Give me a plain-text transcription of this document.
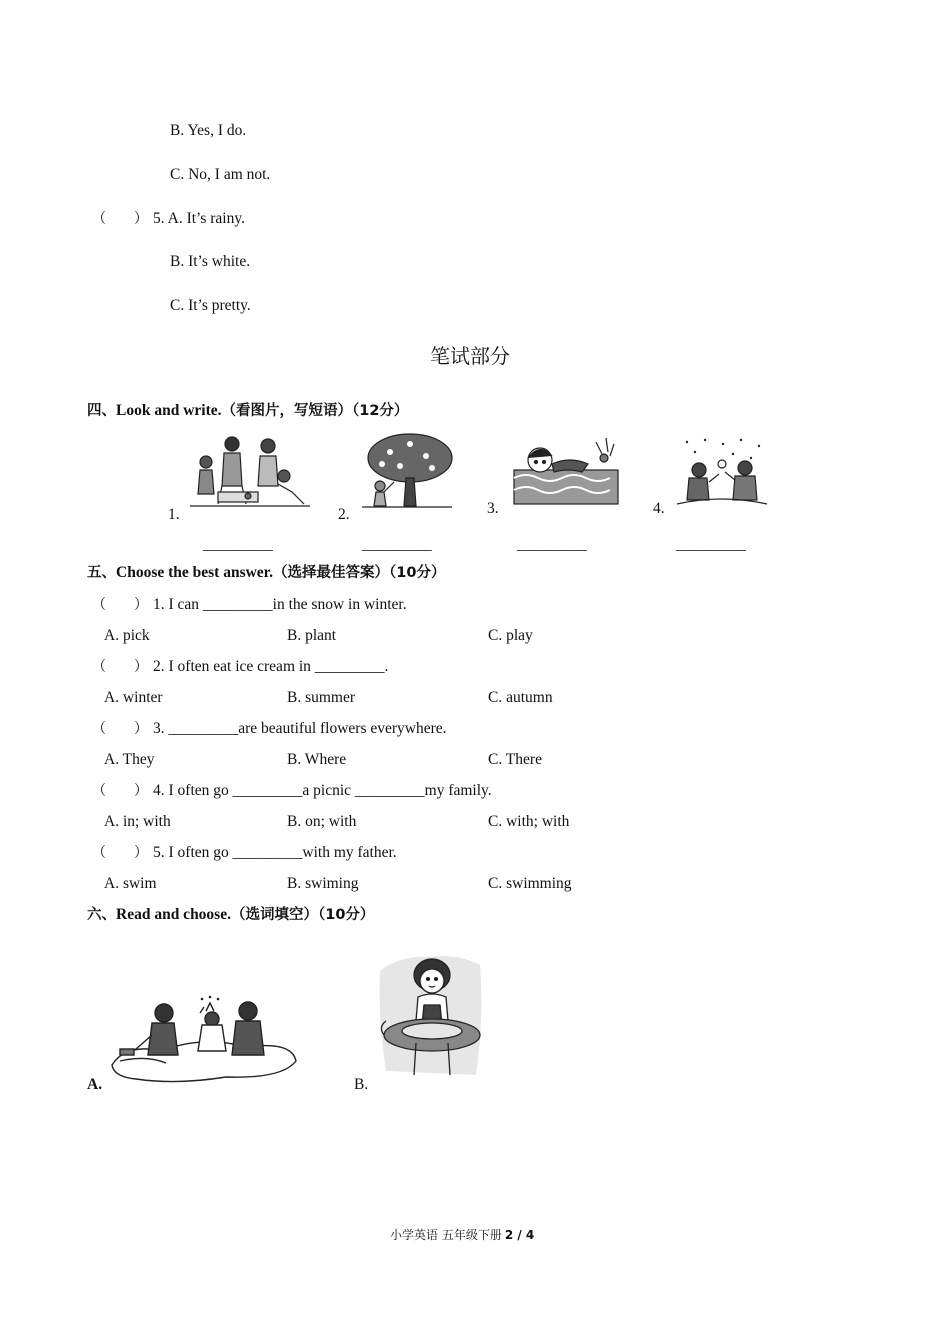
B. Yes, I do.
C. No, I am not.
（　　） 5. A. It’s rainy.
B. It’s white.
C. It’s pretty.
笔试部分
四、Look and write.（看图片，写短语）（12分）
1.
_________
2.
_________
3.
_________
4.
_________
五、Choose the best answer.（选择最佳答案）（10分）
（　　） 1. I can _________in the snow in winter.
A. pick	B. plant	C. play
（　　） 2. I often eat ice cream in _________.
A. winter	B. summer	C. autumn
（　　） 3. _________are beautiful flowers everywhere.
A. They	B. Where	C. There
（　　） 4. I often go _________a picnic _________my family.
A. in; with	B. on; with	C. with; with
（　　） 5. I often go _________with my father.
A. swim	B. swiming	C. swimming
六、Read and choose.（选词填空）（10分）
A.	B.
小学英语 五年级下册 2 / 4
